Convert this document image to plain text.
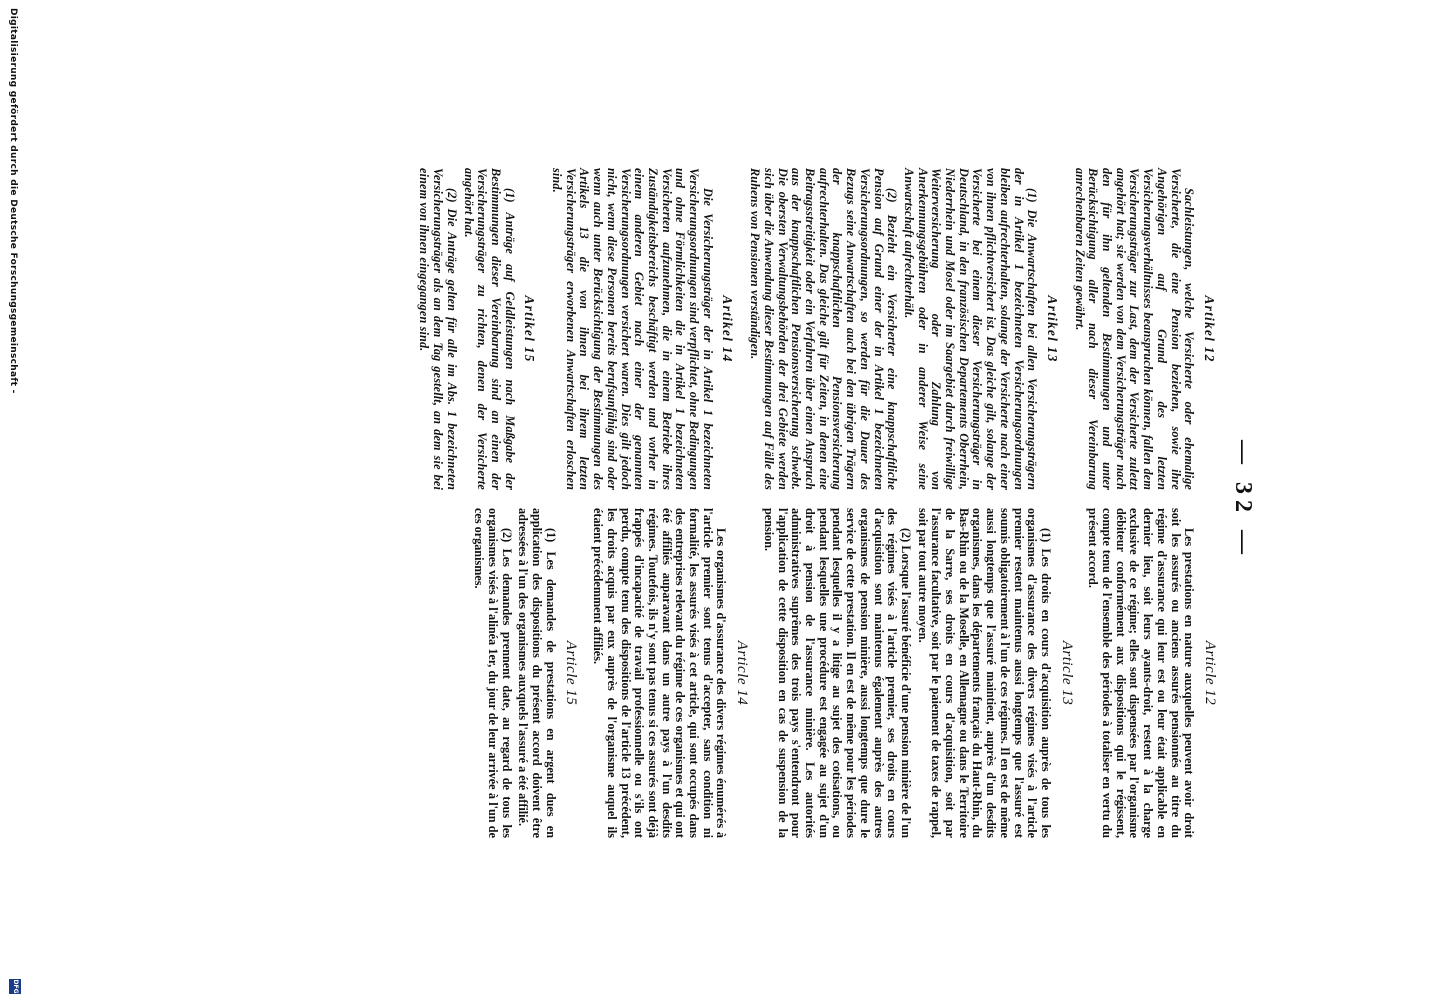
— 32 —
Artikel 12

Sachleistungen, welche Versicherte oder ehemalige Versicherte, die eine Pension beziehen, sowie ihre Angehörigen auf Grund des letzten Versicherungsverhältnisses beanspruchen können, fallen dem Versicherungsträger zur Last, dem der Versicherte zuletzt angehört hat; sie werden von dem Versicherungsträger nach den für ihn geltenden Bestimmungen und unter Berücksichtigung aller nach dieser Vereinbarung anrechenbaren Zeiten gewährt.

Artikel 13

(1) Die Anwartschaften bei allen Versicherungsträgern der in Artikel 1 bezeichneten Versicherungsordnungen bleiben aufrechterhalten, solange der Versicherte nach einer von ihnen pflichtversichert ist. Das gleiche gilt, solange der Versicherte bei einem dieser Versicherungsträger in Deutschland, in den französischen Departements Oberrhein, Niederrhein und Mosel oder im Saargebiet durch freiwillige Weiterversicherung oder Zahlung von Anerkennungsgebühren oder in anderer Weise seine Anwartschaft aufrechterhält.

(2) Bezieht ein Versicherter eine knappschaftliche Pension auf Grund einer der in Artikel 1 bezeichneten Versicherungsordnungen, so werden für die Dauer des Bezugs seine Anwartschaften auch bei den übrigen Trägern der knappschaftlichen Pensionsversicherung aufrechterhalten. Das gleiche gilt für Zeiten, in denen eine Beitragsstreitigkeit oder ein Verfahren über einen Anspruch aus der knappschaftlichen Pensionsversicherung schwebt. Die obersten Verwaltungsbehörden der drei Gebiete werden sich über die Anwendung dieser Bestimmungen auf Fälle des Ruhens von Pensionen verständigen.

Artikel 14

Die Versicherungsträger der in Artikel 1 bezeichneten Versicherungsordnungen sind verpflichtet, ohne Bedingungen und ohne Förmlichkeiten die in Artikel 1 bezeichneten Versicherten aufzunehmen, die in einem Betriebe ihres Zuständigkeitsbereichs beschäftigt werden und vorher in einem anderen Gebiet nach einer der genannten Versicherungsordnungen versichert waren. Dies gilt jedoch nicht, wenn diese Personen bereits berufsunfähig sind oder wenn auch unter Berücksichtigung der Bestimmungen des Artikels 13 die von ihnen bei ihrem letzten Versicherungsträger erworbenen Anwartschaften erloschen sind.

Artikel 15

(1) Anträge auf Geldleistungen nach Maßgabe der Bestimmungen dieser Vereinbarung sind an einen der Versicherungsträger zu richten, denen der Versicherte angehört hat.

(2) Die Anträge gelten für alle im Abs. 1 bezeichneten Versicherungsträger als an dem Tag gestellt, an dem sie bei einem von ihnen eingegangen sind.

Article 12

Les prestations en nature auxquelles peuvent avoir droit soit les assurés ou anciens assurés pensionnés au titre du régime d'assurance qui leur est ou leur était applicable en dernier lieu, soit leurs ayants-droit, restent à la charge exclusive de ce régime; elles sont dispensées par l'organisme débiteur conformément aux dispositions qui le régissent, compte tenu de l'ensemble des périodes à totaliser en vertu du présent accord.

Article 13

(1) Les droits en cours d'acquisition auprès de tous les organismes d'assurance des divers régimes visés à l'article premier restent maintenus aussi longtemps que l'assuré est soumis obligatoirement à l'un de ces régimes. Il en est de même aussi longtemps que l'assuré maintient, auprès d'un desdits organismes, dans les départements français du Haut-Rhin, du Bas-Rhin ou de la Moselle, en Allemagne ou dans le Territoire de la Sarre, ses droits en cours d'acquisition, soit par l'assurance facultative, soit par le paiement de taxes de rappel, soit par tout autre moyen.

(2) Lorsque l'assuré bénéficie d'une pension minière de l'un des régimes visés à l'article premier, ses droits en cours d'acquisition sont maintenus également auprès des autres organismes de pension minière, aussi longtemps que dure le service de cette prestation. Il en est de même pour les périodes pendant lesquelles il y a litige au sujet des cotisations, ou pendant lesquelles une procédure est engagée au sujet d'un droit à pension de l'assurance minière. Les autorités administratives suprêmes des trois pays s'entendront pour l'application de cette disposition en cas de suspension de la pension.

Article 14

Les organismes d'assurance des divers régimes énumérés à l'article premier sont tenus d'accepter, sans condition ni formalité, les assurés visés à cet article, qui sont occupés dans des entreprises relevant du régime de ces organismes et qui ont été affiliés auparavant dans un autre pays à l'un desdits régimes. Toutefois, ils n'y sont pas tenus si ces assurés sont déjà frappés d'incapacité de travail professionnelle ou s'ils ont perdu, compte tenu des dispositions de l'article 13 précédent, les droits acquis par eux auprès de l'organisme auquel ils étaient précédemment affiliés.

Article 15

(1) Les demandes de prestations en argent dues en application des dispositions du présent accord doivent être adressées à l'un des organismes auxquels l'assuré a été affilié.

(2) Les demandes prennent date, au regard de tous les organismes visés à l'alinéa 1er, du jour de leur arrivée à l'un de ces organismes.

Digitalisierung gefördert durch die Deutsche Forschungsgemeinschaft -
DFG
